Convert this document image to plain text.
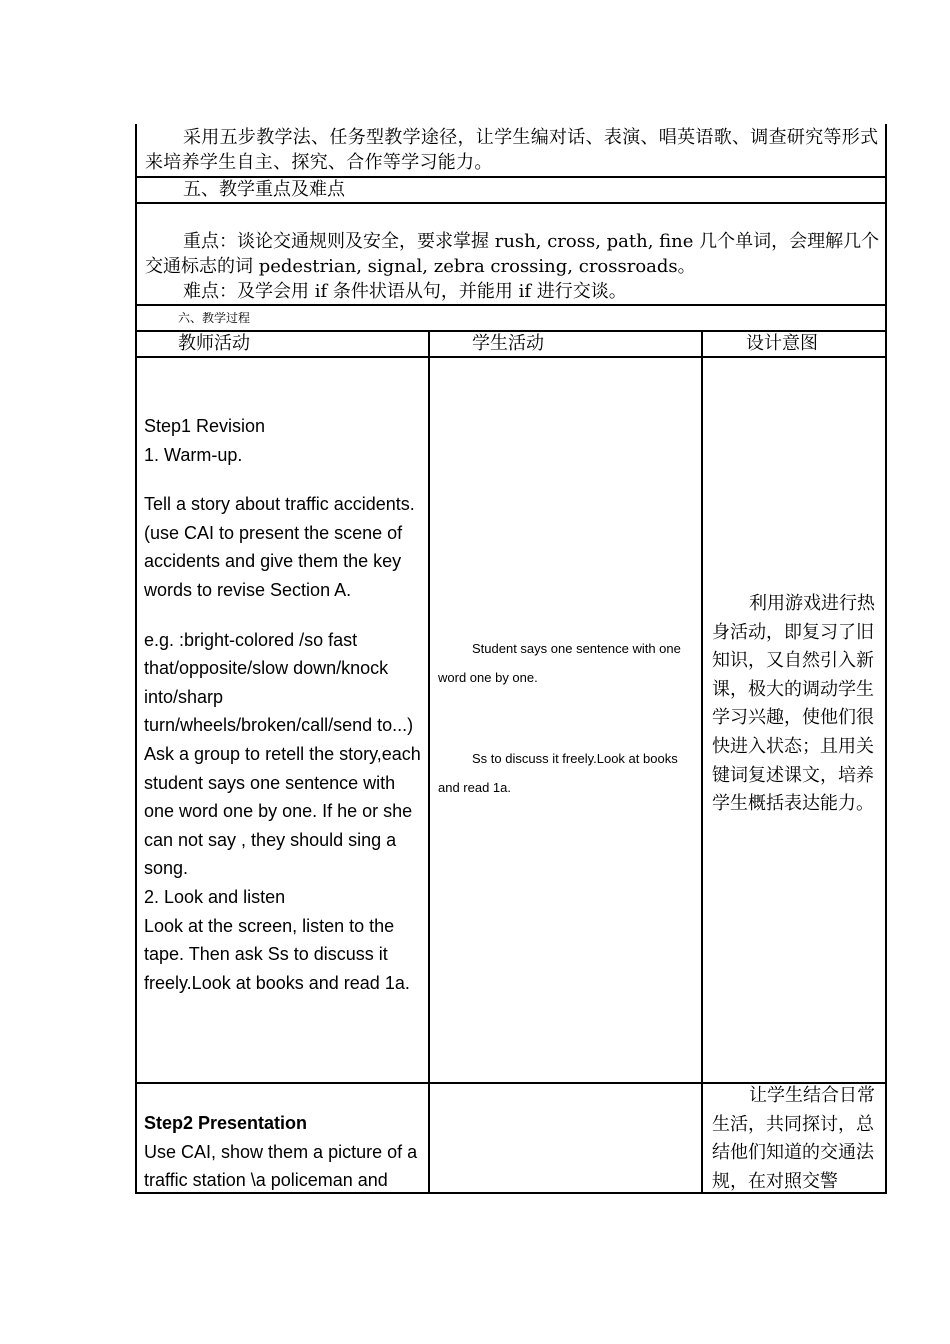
采用五步教学法、任务型教学途径，让学生编对话、表演、唱英语歌、调查研究等形式来培养学生自主、探究、合作等学习能力。
五、教学重点及难点

重点：谈论交通规则及安全，要求掌握 rush, cross, path, fine 几个单词，会理解几个交通标志的词 pedestrian, signal, zebra crossing, crossroads。

难点：及学会用 if 条件状语从句，并能用 if 进行交谈。

六、教学过程
教师活动	学生活动	设计意图

Step1 Revision

1. Warm-up.

Tell a story about traffic accidents.(use CAI to present the scene of accidents and give them the key words to revise Section A.

e.g. :bright-colored /so fast that/opposite/slow down/knock into/sharp turn/wheels/broken/call/send to...)

Ask a group to retell the story,each student says one sentence with one word one by one. If he or she can not say , they should sing a song.

2. Look and listen

Look at the screen, listen to the tape. Then ask Ss to discuss it freely.Look at books and read 1a.

Student says one sentence with one word one by one.

Ss to discuss it freely.Look at books and read 1a.

利用游戏进行热身活动，即复习了旧知识，又自然引入新课，极大的调动学生学习兴趣，使他们很快进入状态；且用关键词复述课文，培养学生概括表达能力。

Step2 Presentation

Use CAI, show them a picture of a traffic station \a policeman and

让学生结合日常生活，共同探讨，总结他们知道的交通法规，在对照交警
